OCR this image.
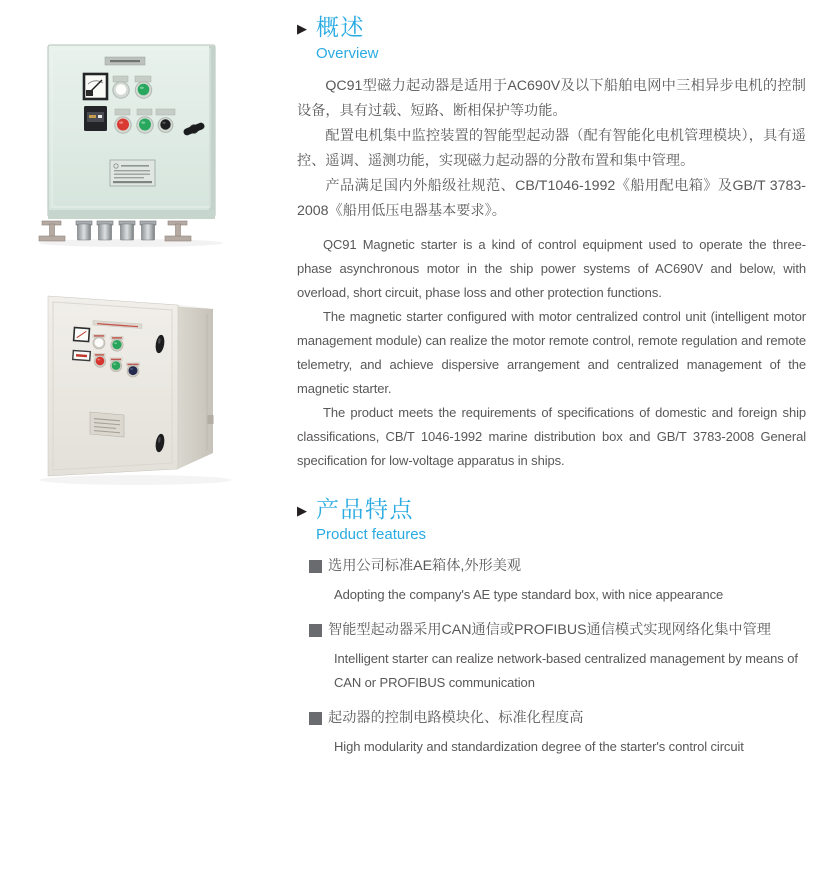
▶ 概述
Overview

QC91型磁力起动器是适用于AC690V及以下船舶电网中三相异步电机的控制设备，具有过载、短路、断相保护等功能。

配置电机集中监控装置的智能型起动器（配有智能化电机管理模块），具有遥控、遥调、遥测功能，实现磁力起动器的分散布置和集中管理。

产品满足国内外船级社规范、CB/T1046-1992《船用配电箱》及GB/T 3783-2008《船用低压电器基本要求》。

QC91 Magnetic starter is a kind of control equipment used to operate the three-phase asynchronous motor in the ship power systems of AC690V and below, with overload, short circuit, phase loss and other protection functions.

The magnetic starter configured with motor centralized control unit (intelligent motor management module) can realize the motor remote control, remote regulation and remote telemetry, and achieve dispersive arrangement and centralized management of the magnetic starter.

The product meets the requirements of specifications of domestic and foreign ship classifications, CB/T 1046-1992 marine distribution box and GB/T 3783-2008 General specification for low-voltage apparatus in ships.

▶ 产品特点
Product features
选用公司标准AE箱体,外形美观
Adopting the company's AE type standard box, with nice appearance
智能型起动器采用CAN通信或PROFIBUS通信模式实现网络化集中管理
Intelligent starter can realize network-based centralized management by means of CAN or PROFIBUS communication
起动器的控制电路模块化、标准化程度高
High modularity and standardization degree of the starter's control circuit
